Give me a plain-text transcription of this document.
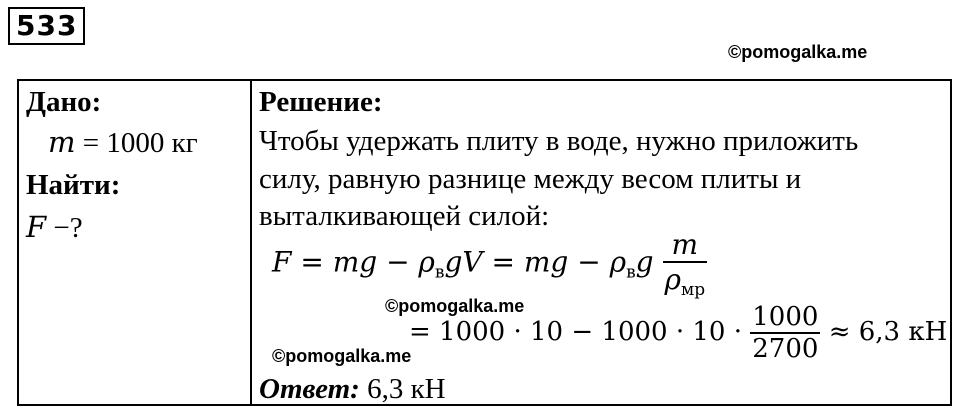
533
©pomogalka.me
Дано:
m = 1000 кг
Найти:
F −?
Решение:
Чтобы удержать плиту в воде, нужно приложить
силу, равную разнице между весом плиты и
выталкивающей силой:
F = mg − $\rho_вgV$ = mg − $\rho_вg \frac{m}{\rho_{мр}}$
©pomogalka.me
= $1000 \cdot 10 - 1000 \cdot 10 \cdot \frac{1000}{2700} \approx 6,3$ кН
©pomogalka.me
Ответ: 6,3 кН
